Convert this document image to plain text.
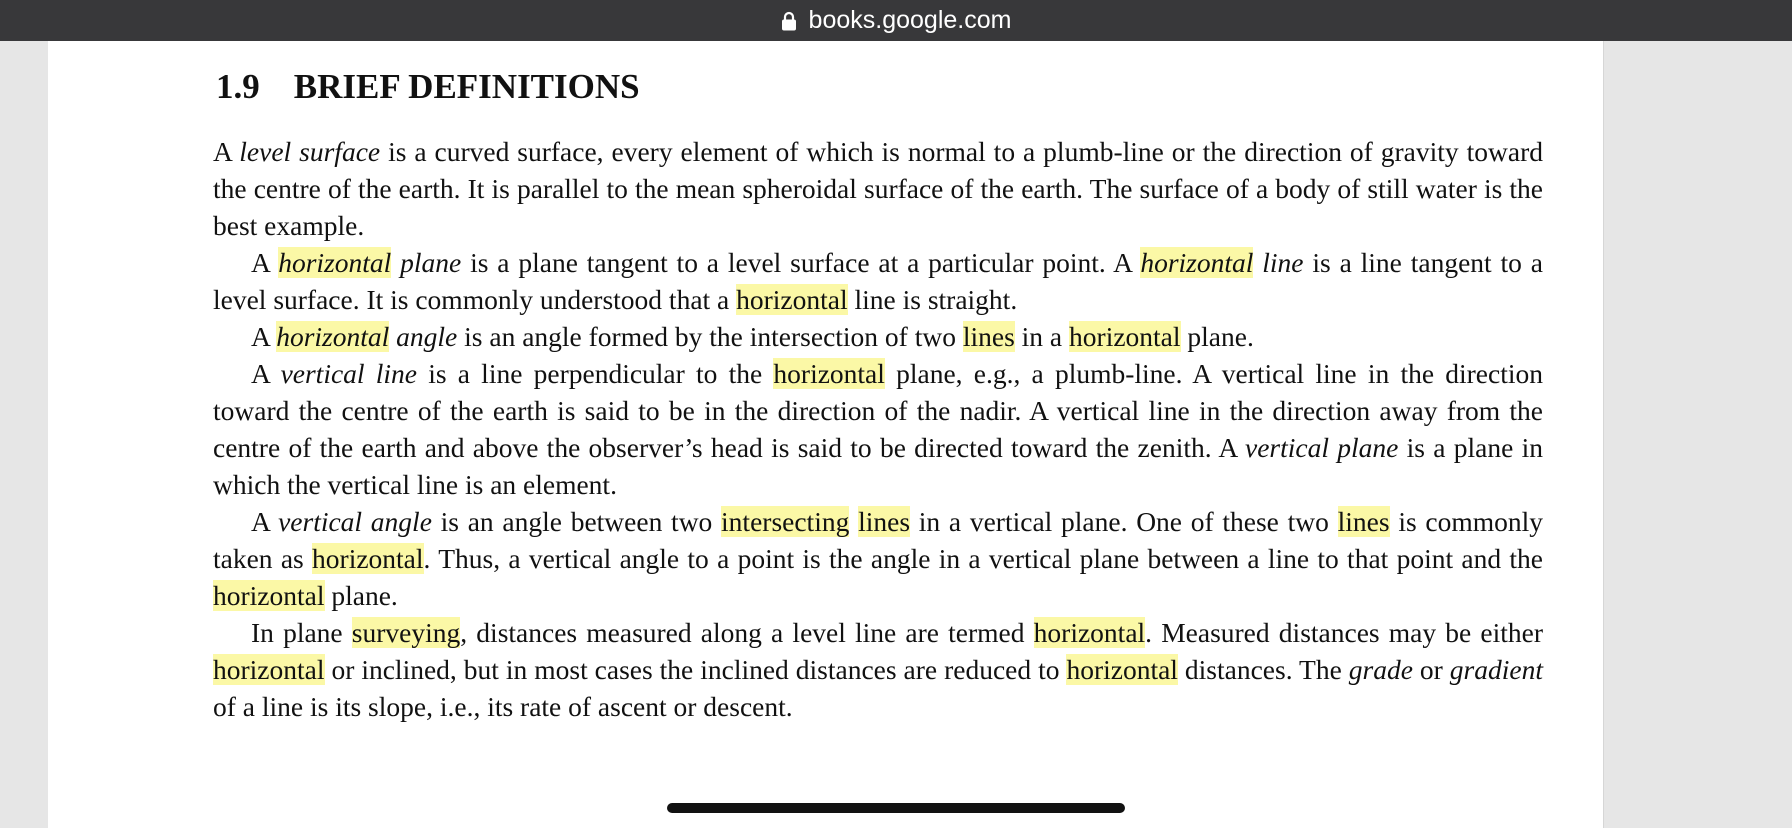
books.google.com
1.9 BRIEF DEFINITIONS

A level surface is a curved surface, every element of which is normal to a plumb-line or the direction of gravity toward the centre of the earth. It is parallel to the mean spheroidal surface of the earth. The surface of a body of still water is the best example.

A horizontal plane is a plane tangent to a level surface at a particular point. A horizontal line is a line tangent to a level surface. It is commonly understood that a horizontal line is straight.

A horizontal angle is an angle formed by the intersection of two lines in a horizontal plane.

A vertical line is a line perpendicular to the horizontal plane, e.g., a plumb-line. A vertical line in the direction toward the centre of the earth is said to be in the direction of the nadir. A vertical line in the direction away from the centre of the earth and above the observer’s head is said to be directed toward the zenith. A vertical plane is a plane in which the vertical line is an element.

A vertical angle is an angle between two intersecting lines in a vertical plane. One of these two lines is commonly taken as horizontal. Thus, a vertical angle to a point is the angle in a vertical plane between a line to that point and the horizontal plane.

In plane surveying, distances measured along a level line are termed horizontal. Measured distances may be either horizontal or inclined, but in most cases the inclined distances are reduced to horizontal distances. The grade or gradient of a line is its slope, i.e., its rate of ascent or descent.
